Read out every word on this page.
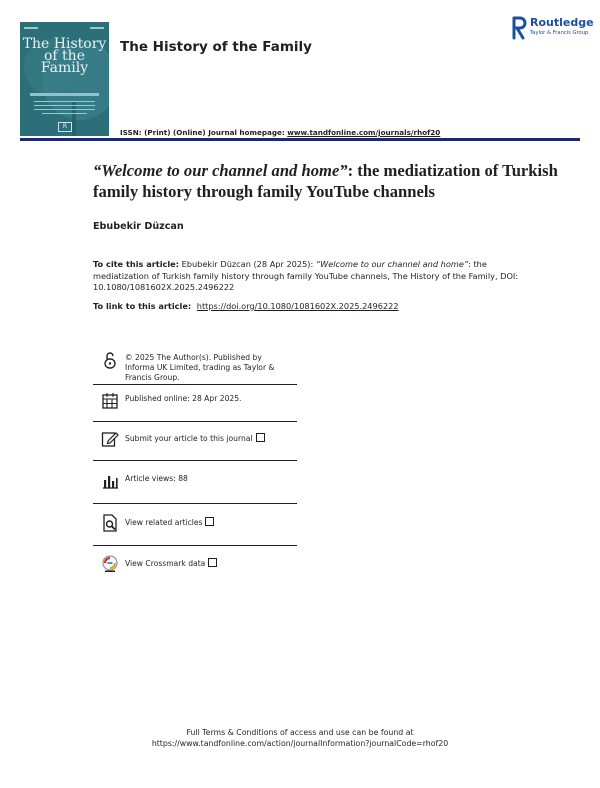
The History
of the
Family
R
The History of the Family
Routledge
Taylor & Francis Group
ISSN: (Print) (Online) Journal homepage: www.tandfonline.com/journals/rhof20
“Welcome to our channel and home”: the mediatization of Turkish family history through family YouTube channels
Ebubekir Düzcan
To cite this article: Ebubekir Düzcan (28 Apr 2025): “Welcome to our channel and home”: the mediatization of Turkish family history through family YouTube channels, The History of the Family, DOI: 10.1080/1081602X.2025.2496222
To link to this article: https://doi.org/10.1080/1081602X.2025.2496222
© 2025 The Author(s). Published by Informa UK Limited, trading as Taylor & Francis Group.
Published online: 28 Apr 2025.
Submit your article to this journal
Article views: 88
View related articles
View Crossmark data
Full Terms & Conditions of access and use can be found at
https://www.tandfonline.com/action/journalInformation?journalCode=rhof20
